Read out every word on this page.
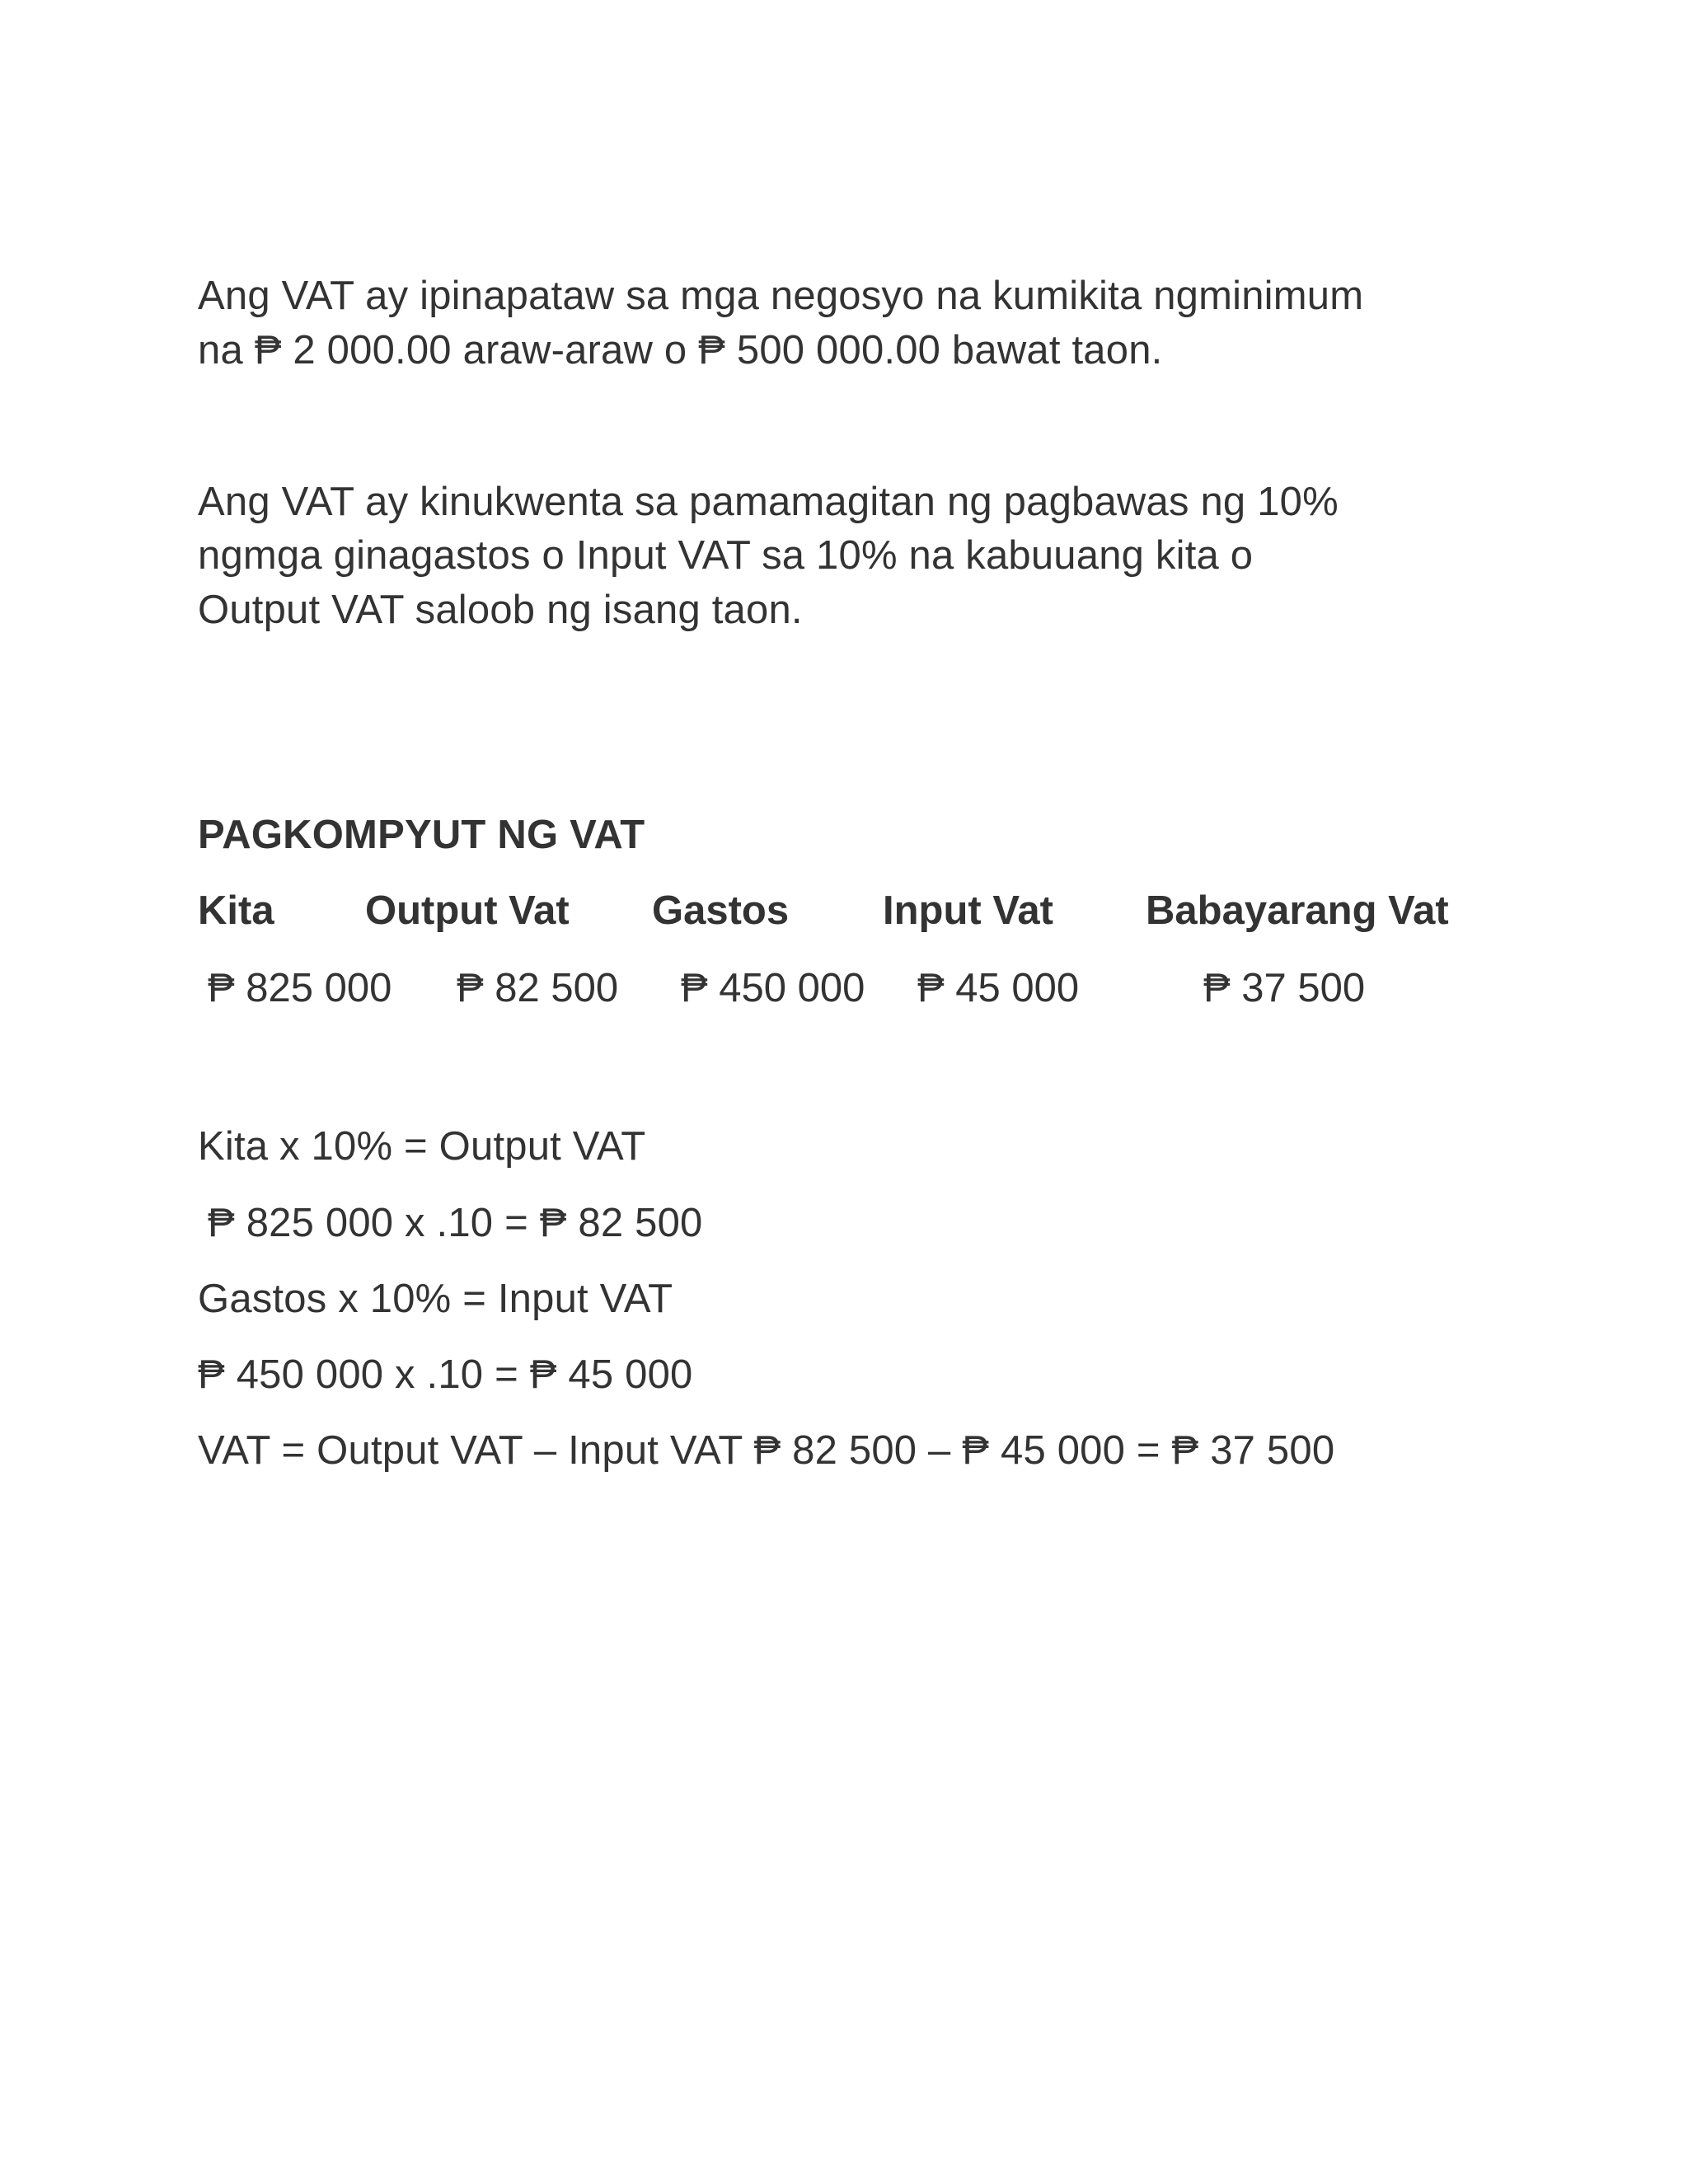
Ang VAT ay ipinapataw sa mga negosyo na kumikita ngminimum
na ₱ 2 000.00 araw-araw o ₱ 500 000.00 bawat taon.
Ang VAT ay kinukwenta sa pamamagitan ng pagbawas ng 10%
ngmga ginagastos o Input VAT sa 10% na kabuuang kita o
Output VAT saloob ng isang taon.
PAGKOMPYUT NG VAT
Kita Output Vat Gastos Input Vat Babayarang Vat
₱ 825 000 ₱ 82 500 ₱ 450 000 ₱ 45 000	₱ 37 500
Kita x 10% = Output VAT
₱ 825 000 x .10 = ₱ 82 500
Gastos x 10% = Input VAT
₱ 450 000 x .10 = ₱ 45 000
VAT = Output VAT – Input VAT ₱ 82 500 – ₱ 45 000 = ₱ 37 500
